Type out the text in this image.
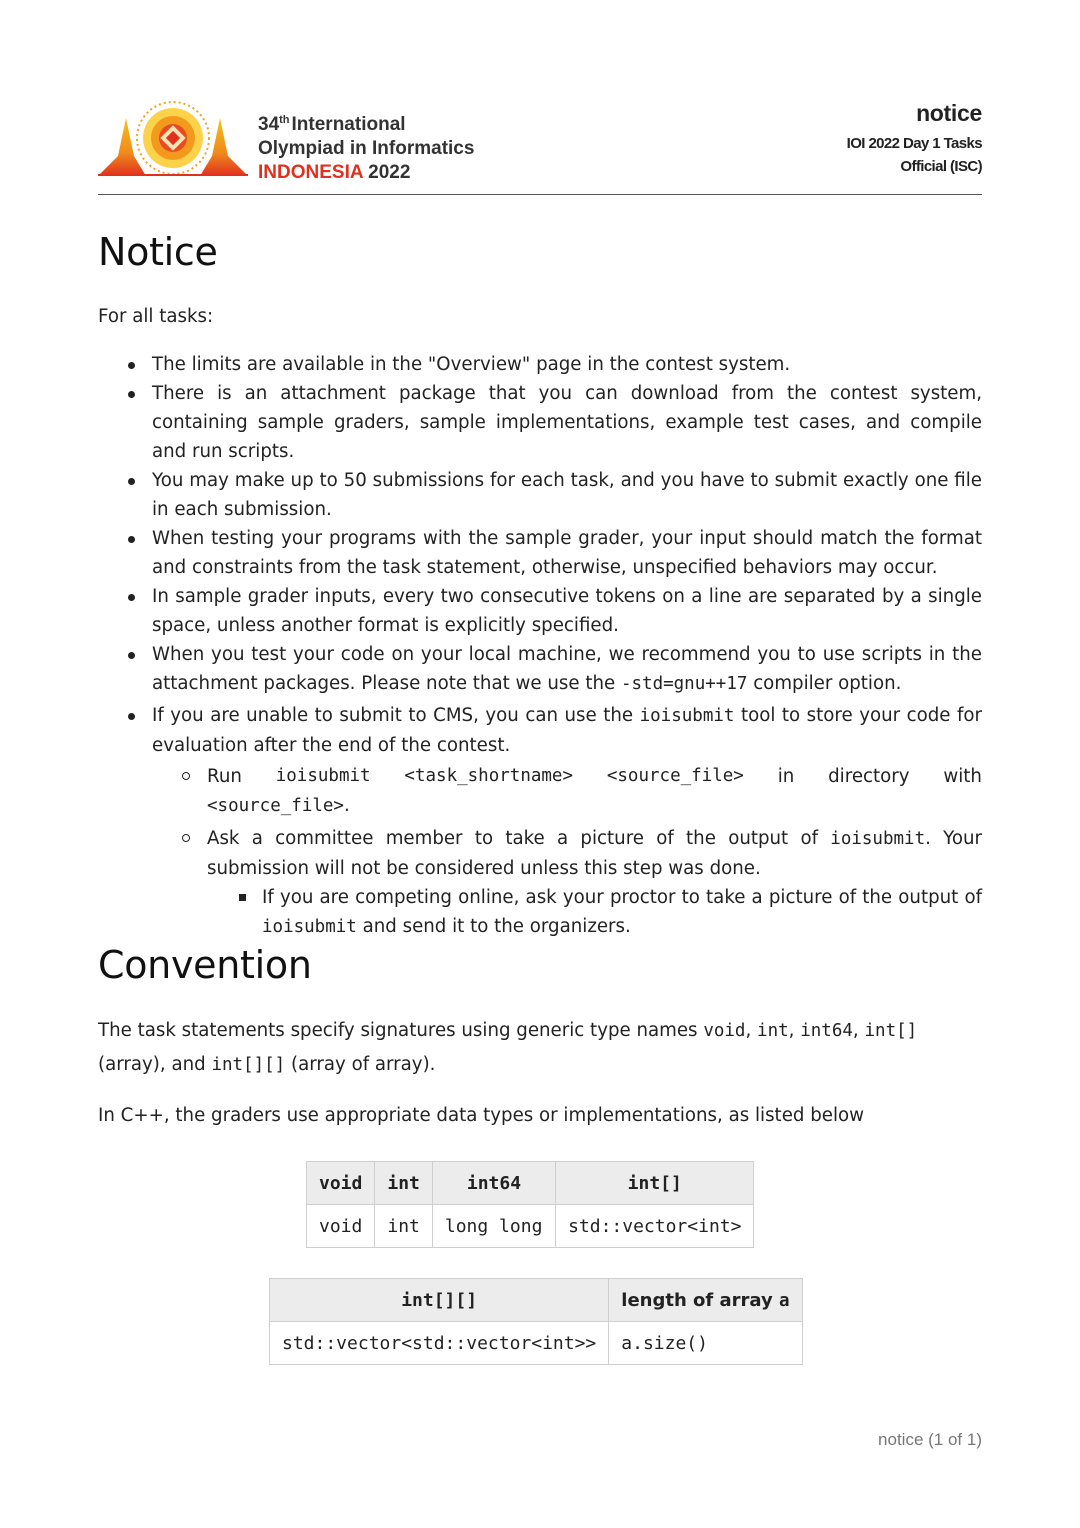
34th International
Olympiad in Informatics
INDONESIA 2022
notice
IOI 2022 Day 1 Tasks
Official (ISC)
Notice
For all tasks:
The limits are available in the "Overview" page in the contest system.
There is an attachment package that you can download from the contest system, containing sample graders, sample implementations, example test cases, and compile and run scripts.
You may make up to 50 submissions for each task, and you have to submit exactly one file in each submission.
When testing your programs with the sample grader, your input should match the format and constraints from the task statement, otherwise, unspecified behaviors may occur.
In sample grader inputs, every two consecutive tokens on a line are separated by a single space, unless another format is explicitly specified.
When you test your code on your local machine, we recommend you to use scripts in the attachment packages. Please note that we use the -std=gnu++17 compiler option.
If you are unable to submit to CMS, you can use the ioisubmit tool to store your code for evaluation after the end of the contest.
Run ioisubmit <task_shortname> <source_file> in directory with
<source_file>.
Ask a committee member to take a picture of the output of ioisubmit. Your submission will not be considered unless this step was done.
If you are competing online, ask your proctor to take a picture of the output of ioisubmit and send it to the organizers.
Convention
The task statements specify signatures using generic type names void, int, int64, int[] (array), and int[][] (array of array).
In C++, the graders use appropriate data types or implementations, as listed below
void	int	int64	int[]
void	int	long long	std::vector<int>
int[][]	length of array a
std::vector<std::vector<int>>	a.size()
notice (1 of 1)
